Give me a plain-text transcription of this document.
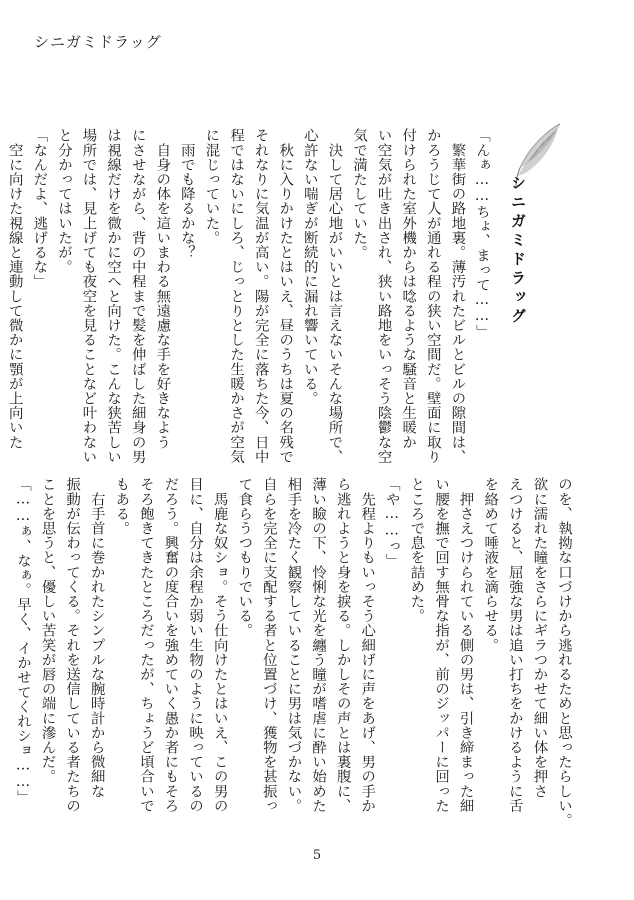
シニガミドラッグ
シニガミドラッグ

「んぁ……ちょ、まって……」

　繁華街の路地裏。薄汚れたビルとビルの隙間は、

かろうじて人が通れる程の狭い空間だ。壁面に取り

付けられた室外機からは唸るような騒音と生暖か

い空気が吐き出され、狭い路地をいっそう陰鬱な空

気で満たしていた。

　決して居心地がいいとは言えないそんな場所で、

心許ない喘ぎが断続的に漏れ響いている。

　秋に入りかけたとはいえ、昼のうちは夏の名残で

それなりに気温が高い。陽が完全に落ちた今、日中

程ではないにしろ、じっとりとした生暖かさが空気

に混じっていた。

　雨でも降るかな？

　自身の体を這いまわる無遠慮な手を好きなよう

にさせながら、背の中程まで髪を伸ばした細身の男

は視線だけを微かに空へと向けた。こんな狭苦しい

場所では、見上げても夜空を見ることなど叶わない

と分かってはいたが。

「なんだよ、逃げるな」

　空に向けた視線と連動して微かに顎が上向いた

のを、執拗な口づけから逃れるためと思ったらしい。

欲に濡れた瞳をさらにギラつかせて細い体を押さ

えつけると、屈強な男は追い打ちをかけるように舌

を絡めて唾液を滴らせる。

　押さえつけられている側の男は、引き締まった細

い腰を撫で回す無骨な指が、前のジッパーに回った

ところで息を詰めた。

「や……っ」

　先程よりもいっそう心細げに声をあげ、男の手か

ら逃れようと身を捩る。しかしその声とは裏腹に、

薄い瞼の下、怜悧な光を纏う瞳が嗜虐に酔い始めた

相手を冷たく観察していることに男は気づかない。

自らを完全に支配する者と位置づけ、獲物を甚振っ

て食らうつもりでいる。

　馬鹿な奴ショ。そう仕向けたとはいえ、この男の

目に、自分は余程か弱い生物のように映っているの

だろう。興奮の度合いを強めていく愚か者にもそろ

そろ飽きてきたところだったが、ちょうど頃合いで

もある。

　右手首に巻かれたシンプルな腕時計から微細な

振動が伝わってくる。それを送信している者たちの

ことを思うと、優しい苦笑が唇の端に滲んだ。

「……ぁ、なぁ。早く、イかせてくれショ……」

5
